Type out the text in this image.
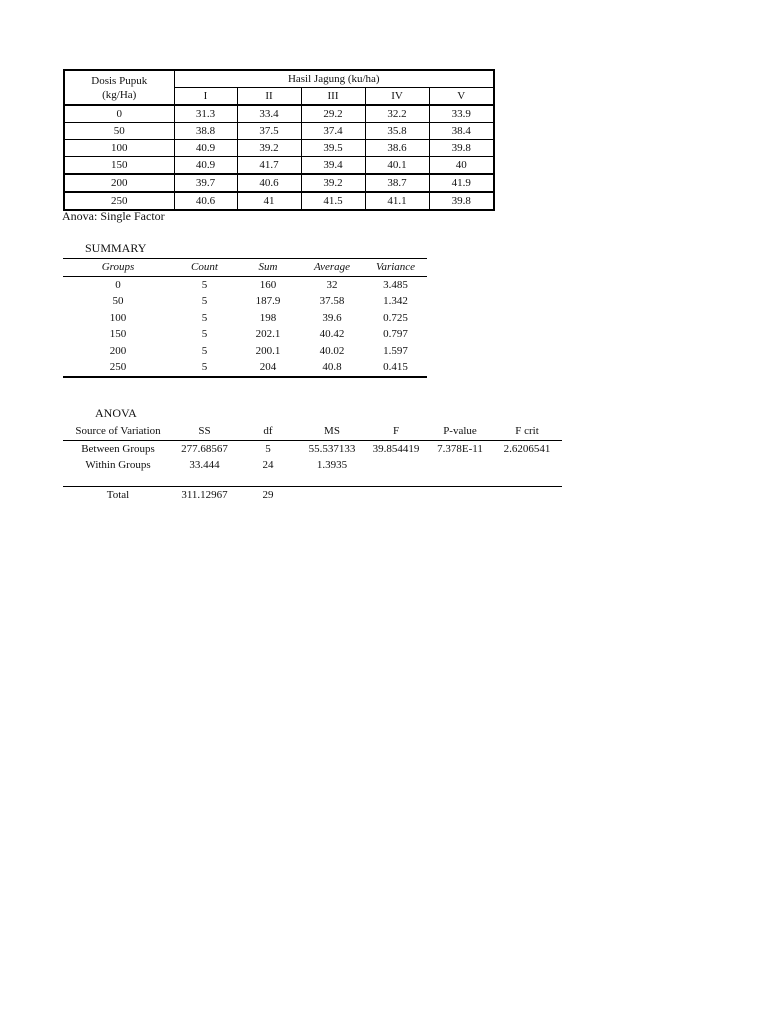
Dosis Pupuk
(kg/Ha)	Hasil Jagung (ku/ha)				
	I	II	III	IV	V
0	31.3	33.4	29.2	32.2	33.9
50	38.8	37.5	37.4	35.8	38.4
100	40.9	39.2	39.5	38.6	39.8
150	40.9	41.7	39.4	40.1	40
200	39.7	40.6	39.2	38.7	41.9
250	40.6	41	41.5	41.1	39.8
Anova: Single Factor
SUMMARY
Groups	Count	Sum	Average	Variance
0	5	160	32	3.485
50	5	187.9	37.58	1.342
100	5	198	39.6	0.725
150	5	202.1	40.42	0.797
200	5	200.1	40.02	1.597
250	5	204	40.8	0.415
ANOVA
Source of Variation	SS	df	MS	F	P-value	F crit
Between Groups	277.68567	5	55.537133	39.854419	7.378E-11	2.6206541
Within Groups	33.444	24	1.3935			

Total	311.12967	29				
